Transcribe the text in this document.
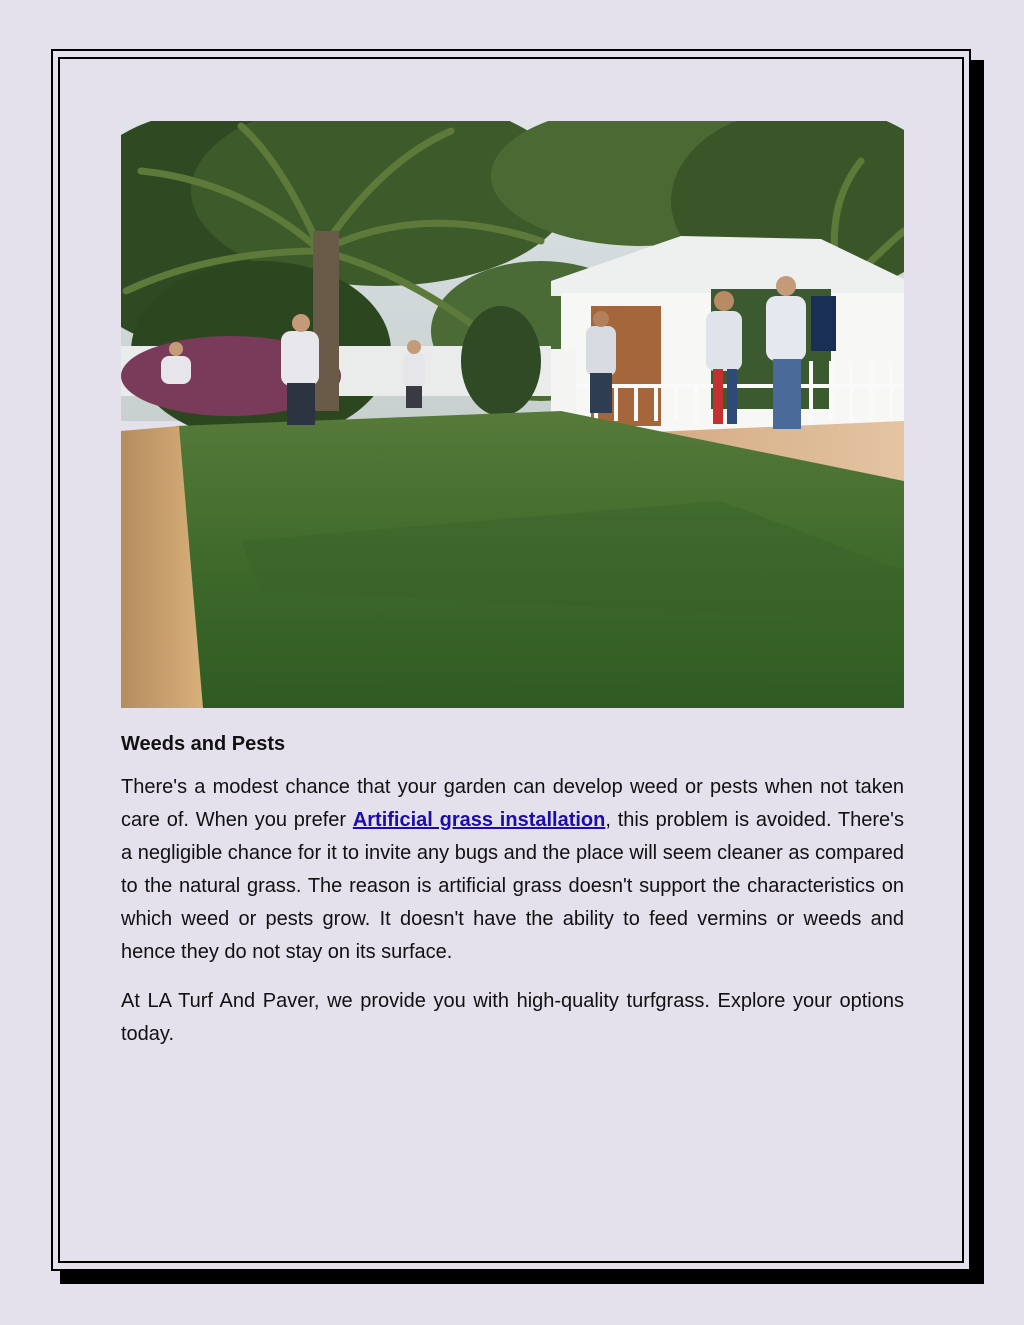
Weeds and Pests

There's a modest chance that your garden can develop weed or pests when not taken care of. When you prefer Artificial grass installation, this problem is avoided. There's a negligible chance for it to invite any bugs and the place will seem cleaner as compared to the natural grass. The reason is artificial grass doesn't support the characteristics on which weed or pests grow. It doesn't have the ability to feed vermins or weeds and hence they do not stay on its surface.

At LA Turf And Paver, we provide you with high-quality turfgrass. Explore your options today.
